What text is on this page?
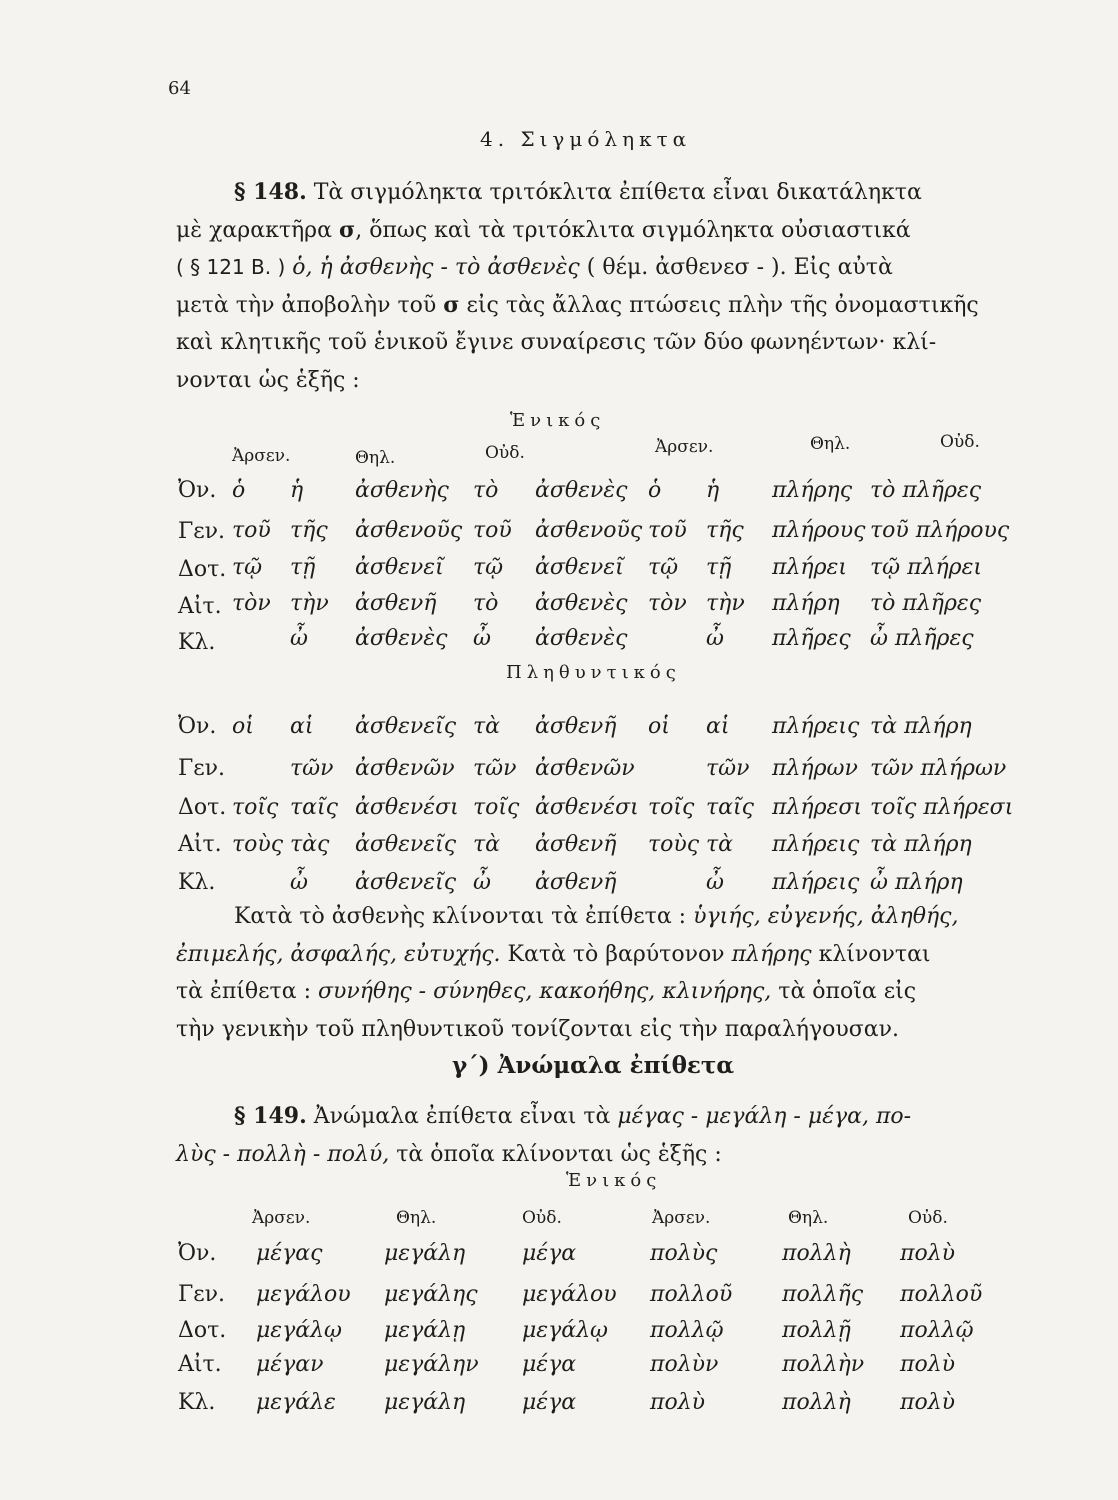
64
4. Σιγμόληκτα
§ 148. Τὰ σιγμόληκτα τριτόκλιτα ἐπίθετα εἶναι δικατάληκτα
μὲ χαρακτῆρα σ, ὅπως καὶ τὰ τριτόκλιτα σιγμόληκτα οὐσιαστικά
( § 121 Β. ) ὁ, ἡ ἀσθενὴς - τὸ ἀσθενὲς ( θέμ. ἀσθενεσ - ). Εἰς αὐτὰ
μετὰ τὴν ἀποβολὴν τοῦ σ εἰς τὰς ἄλλας πτώσεις πλὴν τῆς ὀνομαστικῆς
καὶ κλητικῆς τοῦ ἑνικοῦ ἔγινε συναίρεσις τῶν δύο φωνηέντων· κλί-
νονται ὡς ἑξῆς :
Ἑνικός
Ἀρσεν.	Θηλ.	Οὐδ.	Ἀρσεν.	Θηλ.	Οὐδ.
Ὀν. ὁ ἡ ἀσθενὴς τὸ ἀσθενὲς ὁ ἡ πλήρης τὸ πλῆρες
Γεν. τοῦ τῆς ἀσθενοῦς τοῦ ἀσθενοῦς τοῦ τῆς πλήρους τοῦ πλήρους
Δοτ. τῷ τῇ ἀσθενεῖ τῷ ἀσθενεῖ τῷ τῇ πλήρει τῷ πλήρει
Αἰτ. τὸν τὴν ἀσθενῆ τὸ ἀσθενὲς τὸν τὴν πλήρη τὸ πλῆρες
Κλ.	ὦ ἀσθενὲς ὦ ἀσθενὲς	ὦ πλῆρες ὦ πλῆρες
Πληθυντικός
Ὀν. οἱ αἱ ἀσθενεῖς τὰ ἀσθενῆ οἱ αἱ πλήρεις τὰ πλήρη
Γεν.	τῶν ἀσθενῶν τῶν ἀσθενῶν	τῶν πλήρων τῶν πλήρων
Δοτ. τοῖς ταῖς ἀσθενέσι τοῖς ἀσθενέσι τοῖς ταῖς πλήρεσι τοῖς πλήρεσι
Αἰτ. τοὺς τὰς ἀσθενεῖς τὰ ἀσθενῆ τοὺς τὰ πλήρεις τὰ πλήρη
Κλ.	ὦ ἀσθενεῖς ὦ ἀσθενῆ	ὦ πλήρεις ὦ πλήρη
Κατὰ τὸ ἀσθενὴς κλίνονται τὰ ἐπίθετα : ὑγιής, εὐγενής, ἀληθής,
ἐπιμελής, ἀσφαλής, εὐτυχής. Κατὰ τὸ βαρύτονον πλήρης κλίνονται
τὰ ἐπίθετα : συνήθης - σύνηθες, κακοήθης, κλινήρης, τὰ ὁποῖα εἰς
τὴν γενικὴν τοῦ πληθυντικοῦ τονίζονται εἰς τὴν παραλήγουσαν.
γ΄) Ἀνώμαλα ἐπίθετα
§ 149. Ἀνώμαλα ἐπίθετα εἶναι τὰ μέγας - μεγάλη - μέγα, πο-
λὺς - πολλὴ - πολύ, τὰ ὁποῖα κλίνονται ὡς ἑξῆς :
Ἑνικός
Ἀρσεν.	Θηλ.	Οὐδ.	Ἀρσεν.	Θηλ.	Οὐδ.
Ὀν. μέγας	μεγάλη	μέγα	πολὺς	πολλὴ πολὺ
Γεν. μεγάλου μεγάλης μεγάλου πολλοῦ πολλῆς πολλοῦ
Δοτ. μεγάλῳ μεγάλῃ	μεγάλῳ πολλῷ	πολλῇ πολλῷ
Αἰτ. μέγαν	μεγάλην μέγα	πολὺν	πολλὴν πολὺ
Κλ. μεγάλε μεγάλη	μέγα	πολὺ	πολλὴ πολὺ
